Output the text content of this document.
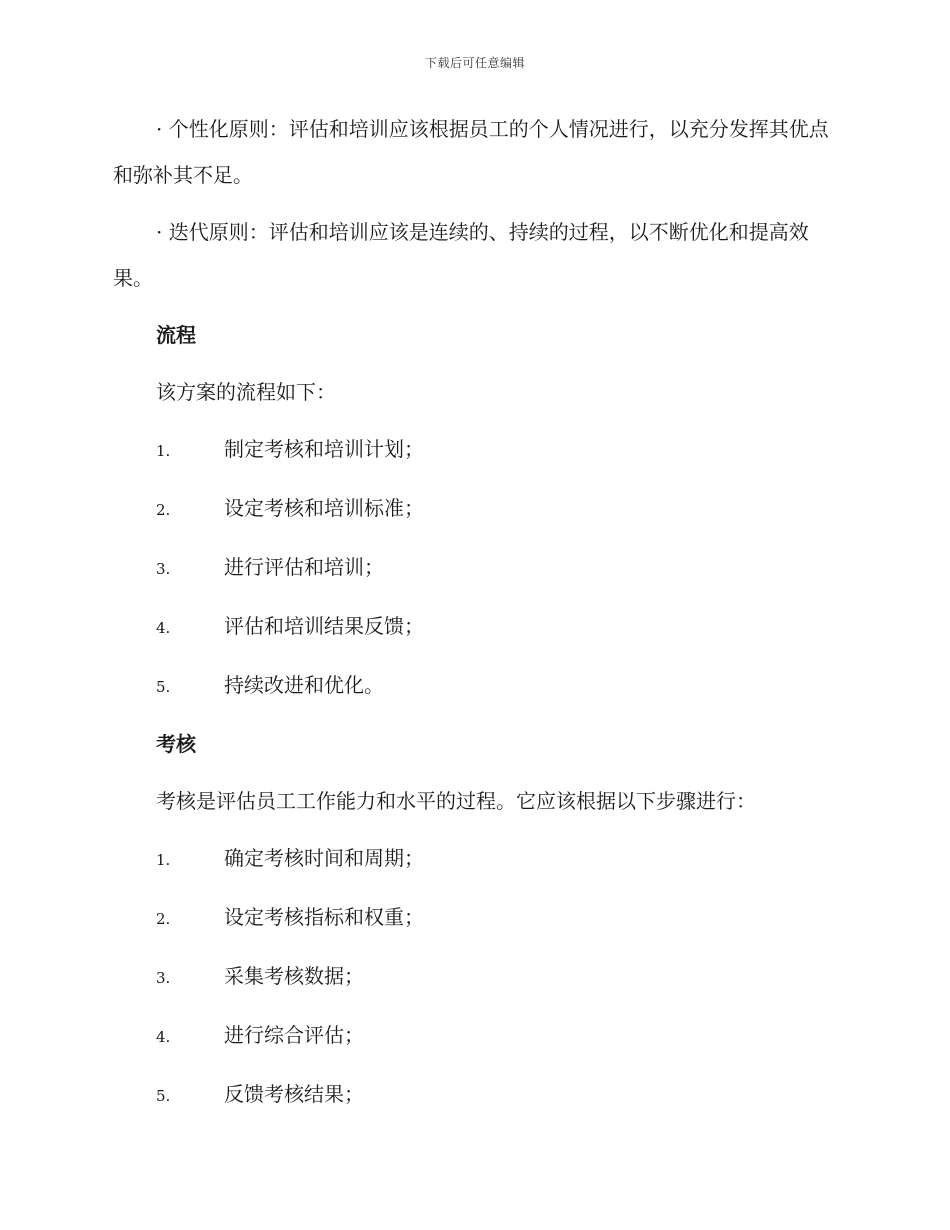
下载后可任意编辑

· 个性化原则：评估和培训应该根据员工的个人情况进行，以充分发挥其优点和弥补其不足。

· 迭代原则：评估和培训应该是连续的、持续的过程，以不断优化和提高效果。

流程
该方案的流程如下：
1.	制定考核和培训计划；
2.	设定考核和培训标准；
3.	进行评估和培训；
4.	评估和培训结果反馈；
5.	持续改进和优化。
考核
考核是评估员工工作能力和水平的过程。它应该根据以下步骤进行：
1.	确定考核时间和周期；
2.	设定考核指标和权重；
3.	采集考核数据；
4.	进行综合评估；
5.	反馈考核结果；
